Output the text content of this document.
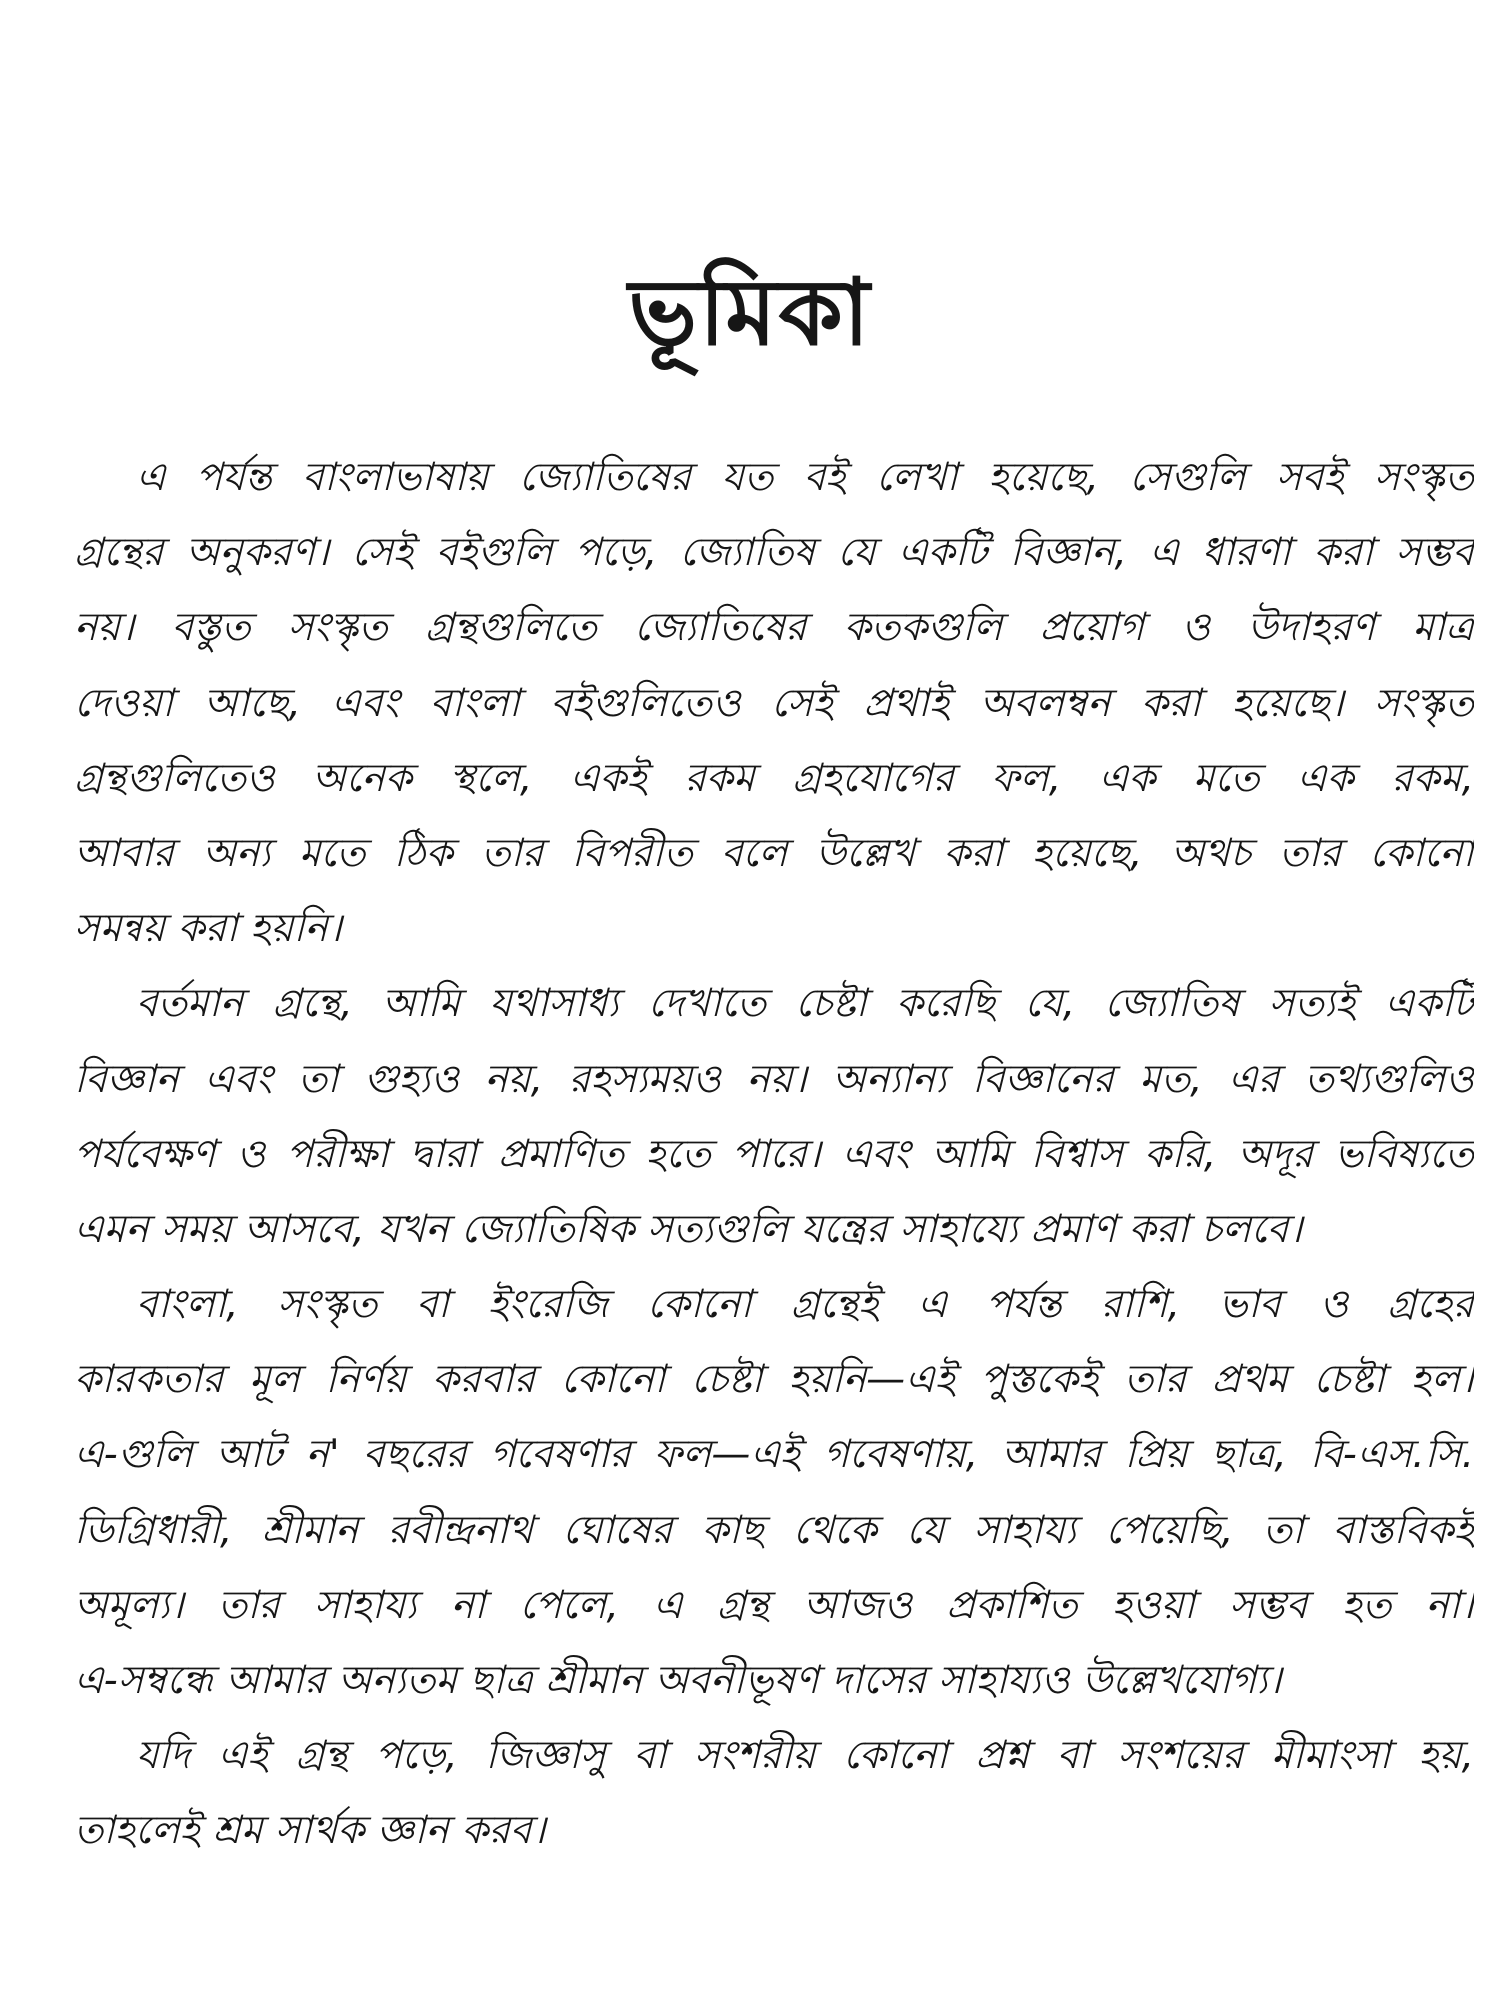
ভূমিকা
এ পর্যন্ত বাংলাভাষায় জ্যোতিষের যত বই লেখা হয়েছে, সেগুলি সবই সংস্কৃত
গ্রন্থের অনুকরণ। সেই বইগুলি পড়ে, জ্যোতিষ যে একটি বিজ্ঞান, এ ধারণা করা সম্ভব
নয়। বস্তুত সংস্কৃত গ্রন্থগুলিতে জ্যোতিষের কতকগুলি প্রয়োগ ও উদাহরণ মাত্র
দেওয়া আছে, এবং বাংলা বইগুলিতেও সেই প্রথাই অবলম্বন করা হয়েছে। সংস্কৃত
গ্রন্থগুলিতেও অনেক স্থলে, একই রকম গ্রহযোগের ফল, এক মতে এক রকম,
আবার অন্য মতে ঠিক তার বিপরীত বলে উল্লেখ করা হয়েছে, অথচ তার কোনো
সমন্বয় করা হয়নি।
বর্তমান গ্রন্থে, আমি যথাসাধ্য দেখাতে চেষ্টা করেছি যে, জ্যোতিষ সত্যই একটি
বিজ্ঞান এবং তা গুহ্যও নয়, রহস্যময়ও নয়। অন্যান্য বিজ্ঞানের মত, এর তথ্যগুলিও
পর্যবেক্ষণ ও পরীক্ষা দ্বারা প্রমাণিত হতে পারে। এবং আমি বিশ্বাস করি, অদূর ভবিষ্যতে
এমন সময় আসবে, যখন জ্যোতিষিক সত্যগুলি যন্ত্রের সাহায্যে প্রমাণ করা চলবে।
বাংলা, সংস্কৃত বা ইংরেজি কোনো গ্রন্থেই এ পর্যন্ত রাশি, ভাব ও গ্রহের
কারকতার মূল নির্ণয় করবার কোনো চেষ্টা হয়নি—এই পুস্তকেই তার প্রথম চেষ্টা হল।
এ-গুলি আট ন' বছরের গবেষণার ফল—এই গবেষণায়, আমার প্রিয় ছাত্র, বি-এস.সি.
ডিগ্রিধারী, শ্রীমান রবীন্দ্রনাথ ঘোষের কাছ থেকে যে সাহায্য পেয়েছি, তা বাস্তবিকই
অমূল্য। তার সাহায্য না পেলে, এ গ্রন্থ আজও প্রকাশিত হওয়া সম্ভব হত না।
এ-সম্বন্ধে আমার অন্যতম ছাত্র শ্রীমান অবনীভূষণ দাসের সাহায্যও উল্লেখযোগ্য।
যদি এই গ্রন্থ পড়ে, জিজ্ঞাসু বা সংশরীয় কোনো প্রশ্ন বা সংশয়ের মীমাংসা হয়,
তাহলেই শ্রম সার্থক জ্ঞান করব।
